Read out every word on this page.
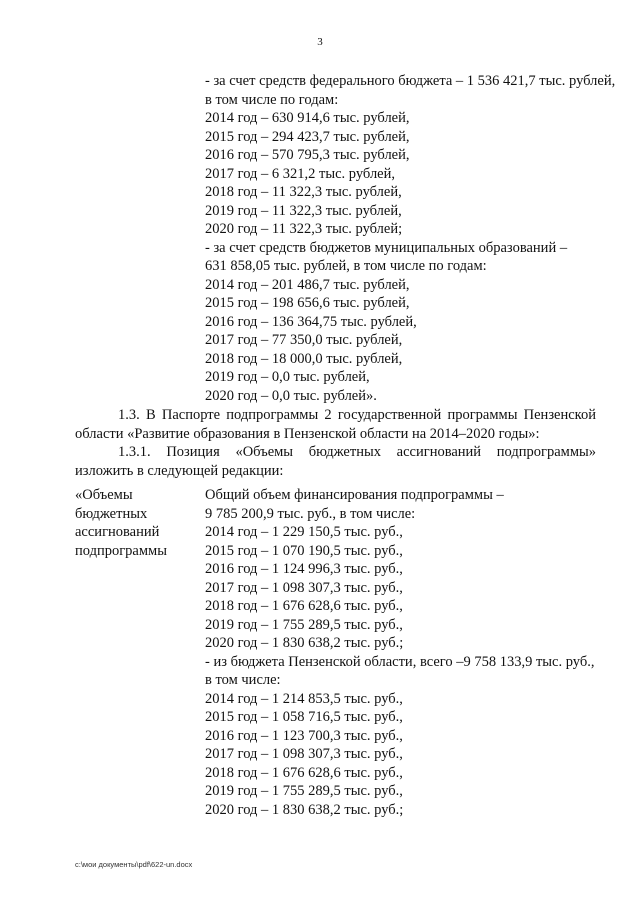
3
- за счет средств федерального бюджета – 1 536 421,7 тыс. рублей,
в том числе по годам:
2014 год – 630 914,6 тыс. рублей,
2015 год – 294 423,7 тыс. рублей,
2016 год – 570 795,3 тыс. рублей,
2017 год – 6 321,2 тыс. рублей,
2018 год – 11 322,3 тыс. рублей,
2019 год – 11 322,3 тыс. рублей,
2020 год – 11 322,3 тыс. рублей;
- за счет средств бюджетов муниципальных образований –
631 858,05 тыс. рублей, в том числе по годам:
2014 год – 201 486,7 тыс. рублей,
2015 год – 198 656,6 тыс. рублей,
2016 год – 136 364,75 тыс. рублей,
2017 год – 77 350,0 тыс. рублей,
2018 год – 18 000,0 тыс. рублей,
2019 год – 0,0 тыс. рублей,
2020 год – 0,0 тыс. рублей».
1.3. В Паспорте подпрограммы 2 государственной программы Пензенской
области «Развитие образования в Пензенской области на 2014–2020 годы»:
1.3.1. Позиция «Объемы бюджетных ассигнований подпрограммы»
изложить в следующей редакции:
«Объемы
бюджетных
ассигнований
подпрограммы
Общий объем финансирования подпрограммы –
9 785 200,9 тыс. руб., в том числе:
2014 год – 1 229 150,5 тыс. руб.,
2015 год – 1 070 190,5 тыс. руб.,
2016 год – 1 124 996,3 тыс. руб.,
2017 год – 1 098 307,3 тыс. руб.,
2018 год – 1 676 628,6 тыс. руб.,
2019 год – 1 755 289,5 тыс. руб.,
2020 год – 1 830 638,2 тыс. руб.;
- из бюджета Пензенской области, всего –9 758 133,9 тыс. руб.,
в том числе:
2014 год – 1 214 853,5 тыс. руб.,
2015 год – 1 058 716,5 тыс. руб.,
2016 год – 1 123 700,3 тыс. руб.,
2017 год – 1 098 307,3 тыс. руб.,
2018 год – 1 676 628,6 тыс. руб.,
2019 год – 1 755 289,5 тыс. руб.,
2020 год – 1 830 638,2 тыс. руб.;
c:\мои документы\pdf\622-un.docx
